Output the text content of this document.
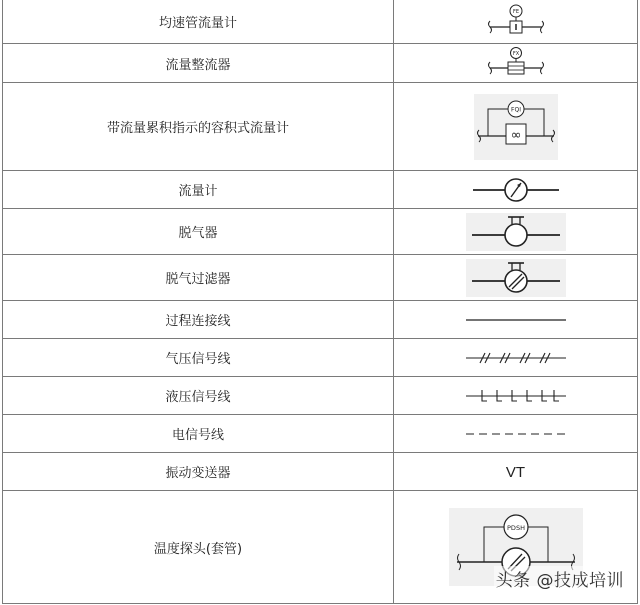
均速管流量计	FE

流量整流器	FX

带流量累积指示的容积式流量计	FQI
∞

流量计	

脱气器	

脱气过滤器	

过程连接线	

气压信号线	

液压信号线	

电信号线	

振动变送器	VT
温度探头(套管)	PDSH
头条 @技成培训
